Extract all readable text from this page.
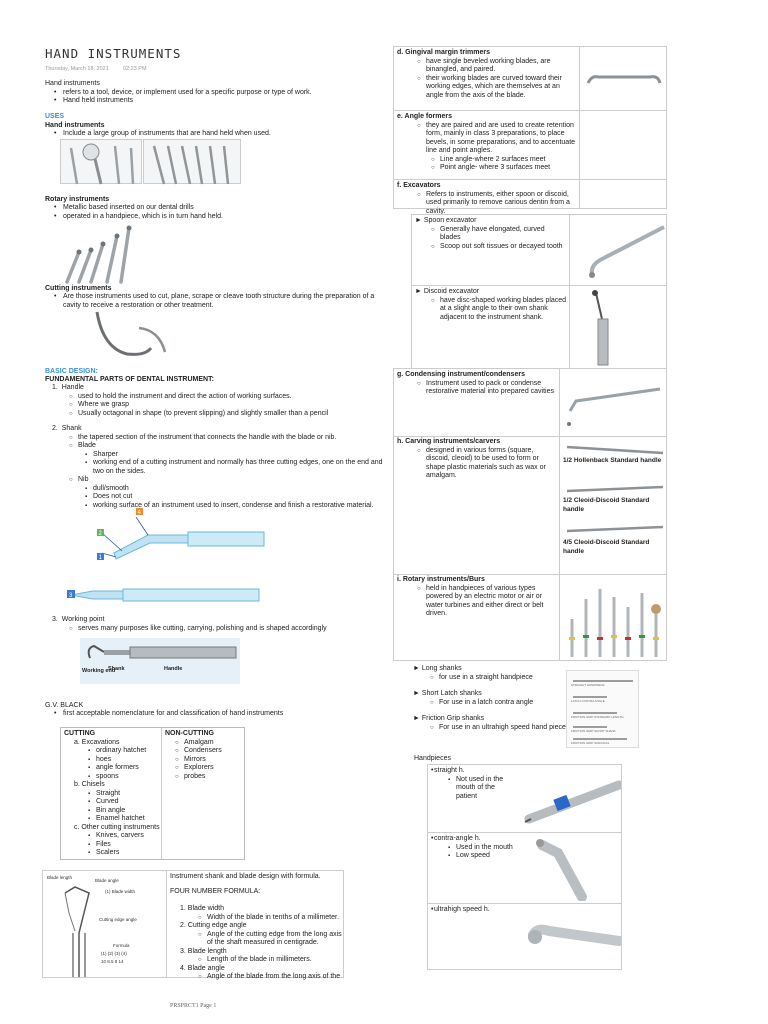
HAND INSTRUMENTS
Thursday, March 18, 2021	02:23 PM
Hand instruments
• refers to a tool, device, or implement used for a specific purpose or type of work.
• Hand held instruments
USES
Hand instruments
• Include a large group of instruments that are hand held when used.
Rotary instruments
• Metallic based inserted on our dental drills
• operated in a handpiece, which is in turn hand held.
Cutting instruments
• Are those instruments used to cut, plane, scrape or cleave tooth structure during the preparation of a cavity to receive a restoration or other treatment.
BASIC DESIGN:
FUNDAMENTAL PARTS OF DENTAL INSTRUMENT:
1.  Handle
○ used to hold the instrument and direct the action of working surfaces.
○ Where we grasp
○ Usually octagonal in shape (to prevent slipping) and slightly smaller than a pencil
2.  Shank
○ the tapered section of the instrument that connects the handle with the blade or nib.
○ Blade
▪ Sharper
▪ working end of a cutting instrument and normally has three cutting edges, one on the end and two on the sides.
○ Nib
▪ dull/smooth
▪ Does not cut
▪ working surface of an instrument used to insert, condense and finish a restorative material.
4
2
1
3
3.  Working point
○ serves many purposes like cutting, carrying, polishing and is shaped accordingly
Working end
Shank	Handle
G.V. BLACK
• first acceptable nomenclature for and classification of hand instruments
CUTTING
a. Excavations
▪ ordinary hatchet
▪ hoes
▪ angle formers
▪ spoons
b. Chisels
▪ Straight
▪ Curved
▪ Bin angle
▪ Enamel hatchet
c. Other cutting instruments
▪ Knives, carvers
▪ Files
▪ Scalers
NON-CUTTING
○ Amalgam
○ Condensers
○ Mirrors
○ Explorers
○ probes
Blade length
Blade angle
(1) Blade width
Cutting edge angle
Formula
(1) (2) (3) (4)
10 8.5 8 14
Instrument shank and blade design with formula.
FOUR NUMBER FORMULA:
1. Blade width
○ Width of the blade in tenths of a millimeter.
2. Cutting edge angle
○ Angle of the cutting edge from the long axis of the shaft measured in centigrade.
3. Blade length
○ Length of the blade in millimeters.
4. Blade angle
○ Angle of the blade from the long axis of the
PRSPRCT1 Page 1
d. Gingival margin trimmers
○ have single beveled working blades, are binangled, and paired.
○ their working blades are curved toward their working edges, which are themselves at an angle from the axis of the blade.
e. Angle formers
○ they are paired and are used to create retention form, mainly in class 3 preparations, to place bevels, in some preparations, and to accentuate line and point angles.
○ Line angle-where 2 surfaces meet
○ Point angle- where 3 surfaces meet
f. Excavators
○ Refers to instruments, either spoon or discoid, used primarily to remove carious dentin from a cavity.
► Spoon excavator
○ Generally have elongated, curved blades
○ Scoop out soft tissues or decayed tooth
► Discoid excavator
○ have disc-shaped working blades placed at a slight angle to their own shank adjacent to the instrument shank.
g. Condensing instrument/condensers
○ Instrument used to pack or condense restorative material into prepared cavities
h. Carving instruments/carvers
○ designed in various forms (square, discoid, cleoid) to be used to form or shape plastic materials such as wax or amalgam.
1/2 Hollenback Standard handle
1/2 Cleoid-Discoid Standard handle
4/5 Cleoid-Discoid Standard handle
i. Rotary instruments/Burs
○ held in handpieces of various types powered by an electric motor or air or water turbines and either direct or belt driven.
► Long shanks
○ for use in a straight handpiece
► Short Latch shanks
○ For use in a latch contra angle
► Friction Grip shanks
○ For use in an ultrahigh speed hand piece
STRAIGHT HANDPIECE
LATCH CONTRA ANGLE
FRICTION GRIP STANDARD LENGTH
FRICTION GRIP SHORT SHANK
FRICTION GRIP SURGICAL
Handpieces
• straight h.
▪ Not used in the mouth of the patient
• contra-angle h.
▪ Used in the mouth
▪ Low speed
• ultrahigh speed h.
